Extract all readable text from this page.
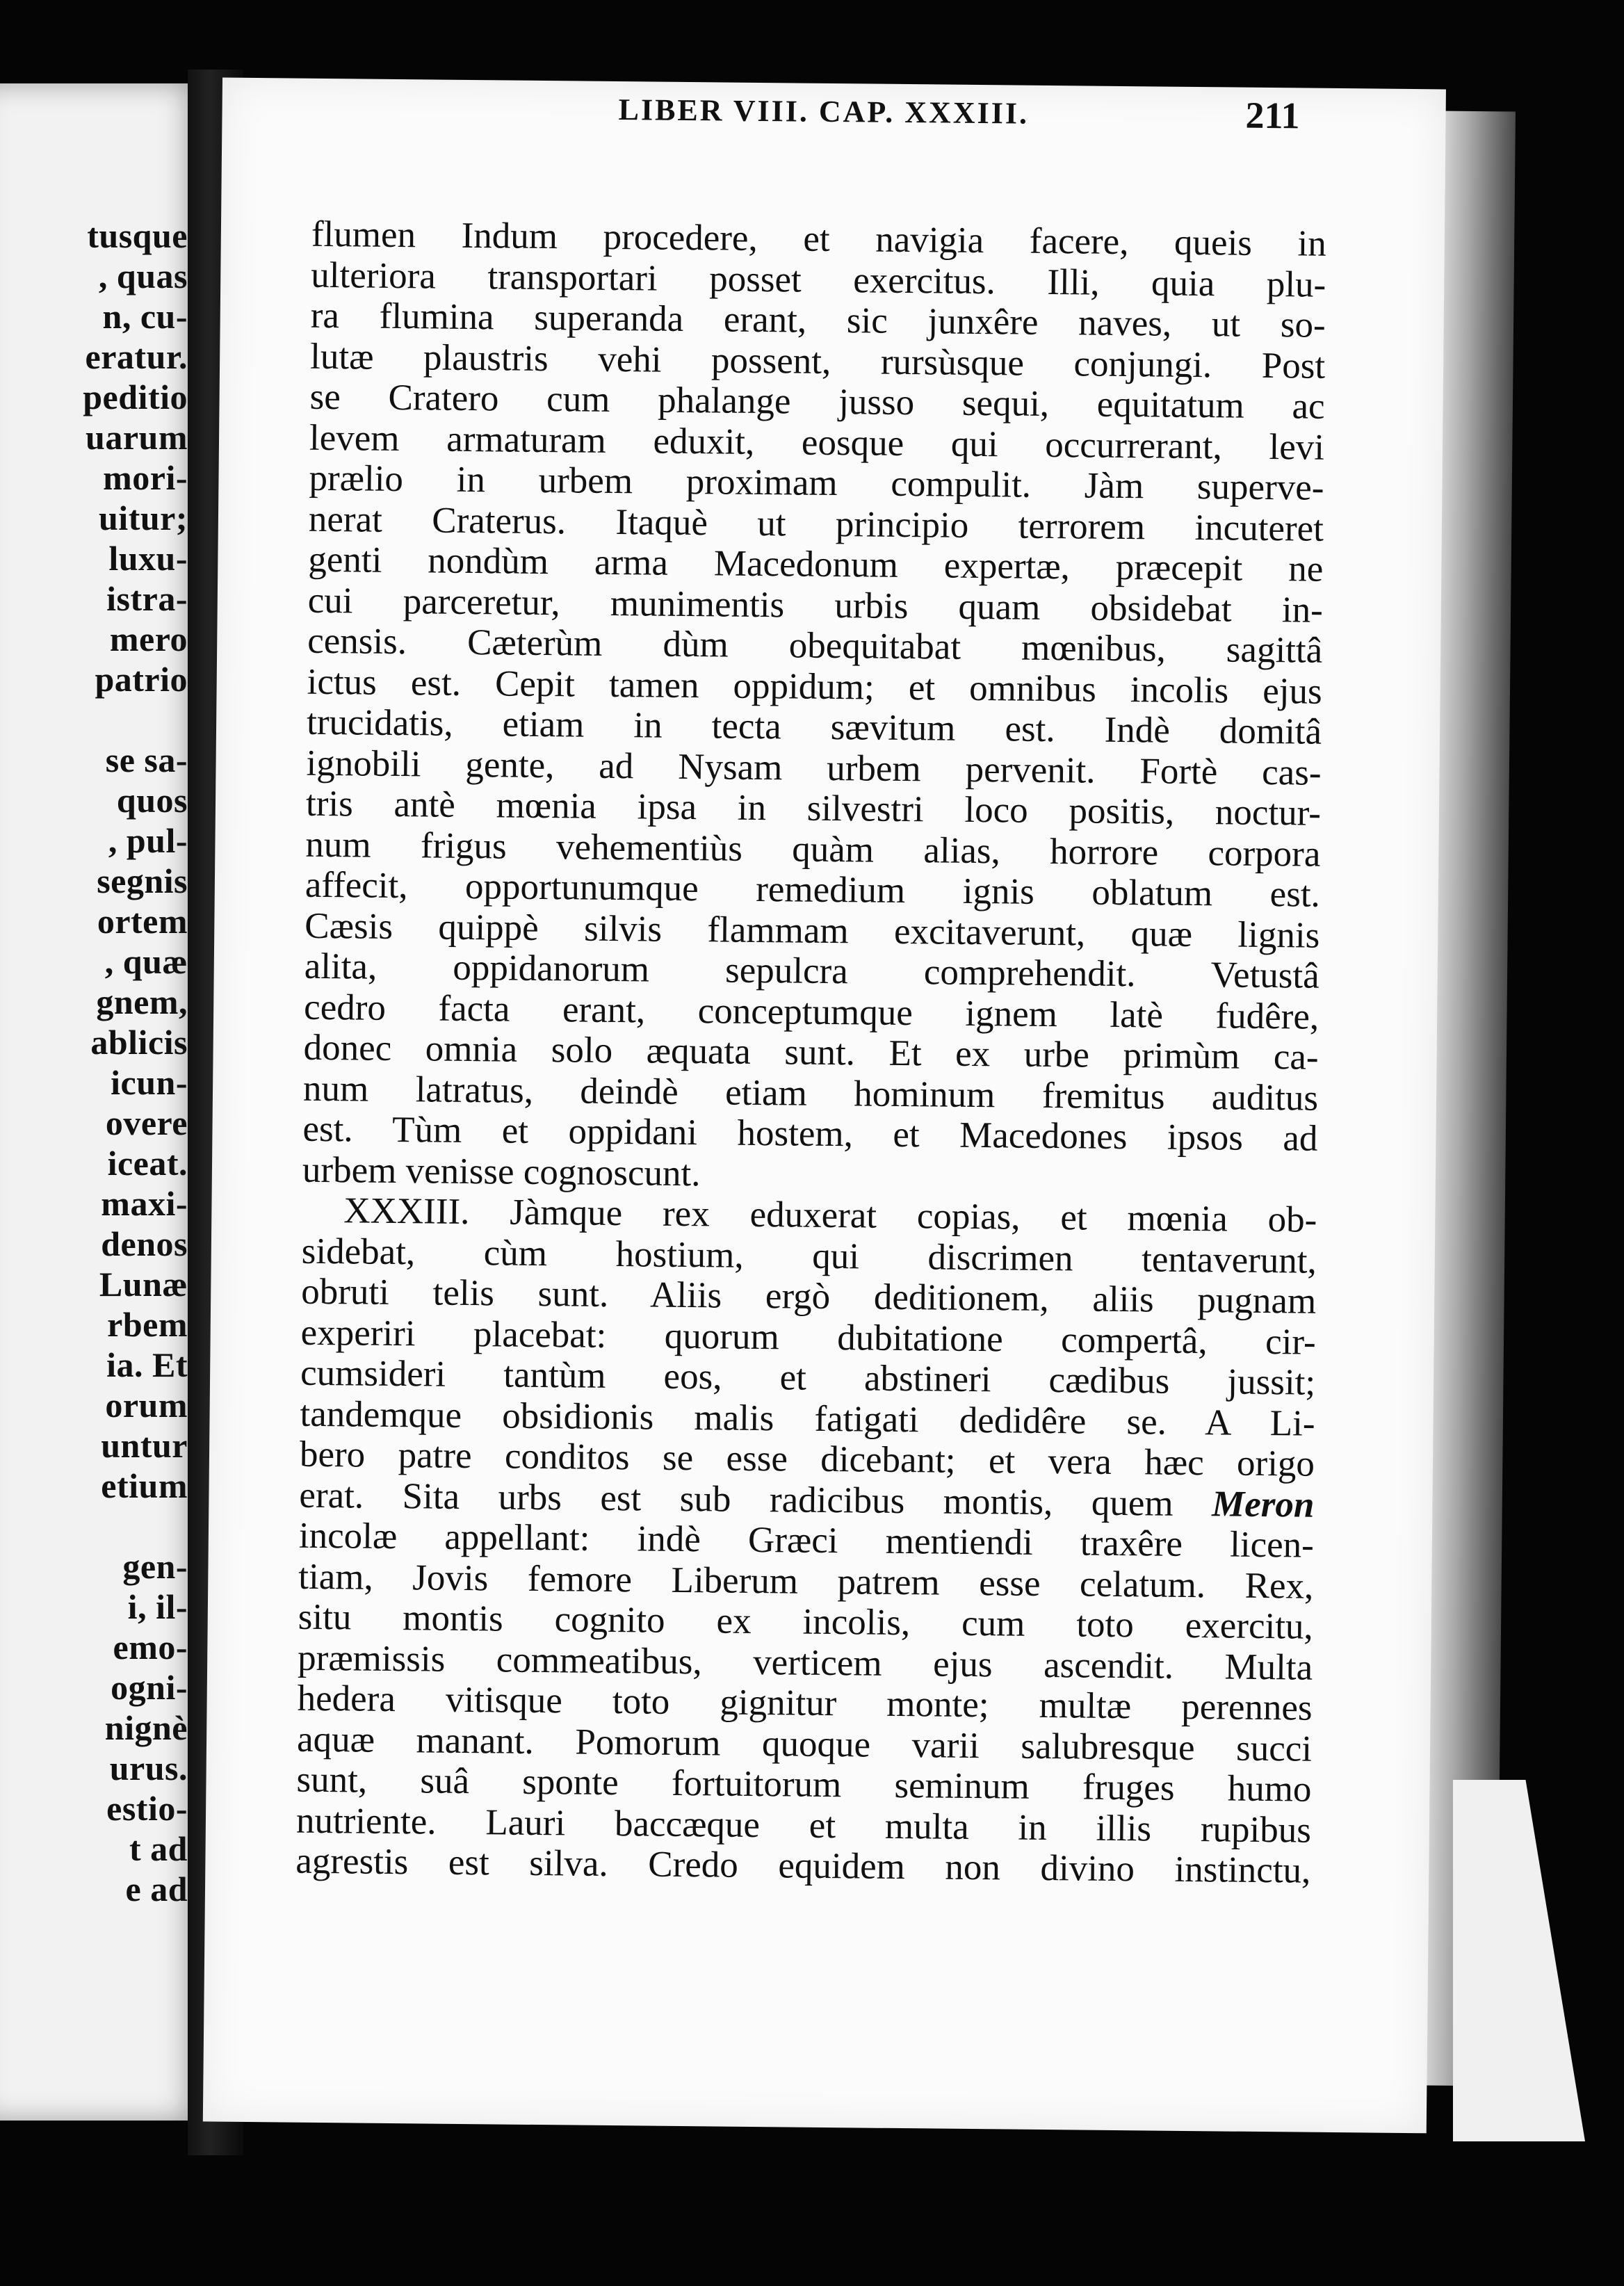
tusque
, quas
n, cu-
eratur.
peditio
uarum
mori-
uitur;
luxu-
istra-
mero
patrio
se sa-
quos
, pul-
segnis
ortem
, quæ
gnem,
ablicis
icun-
overe
iceat.
maxi-
denos
Lunæ
rbem
ia. Et
orum
untur
etium
gen-
i, il-
emo-
ogni-
nignè
urus.
estio-
t ad
e ad
LIBER VIII. CAP. XXXIII.	211
flumen Indum procedere, et navigia facere, queis in
ulteriora transportari posset exercitus. Illi, quia plu-
ra flumina superanda erant, sic junxêre naves, ut so-
lutæ plaustris vehi possent, rursùsque conjungi. Post
se Cratero cum phalange jusso sequi, equitatum ac
levem armaturam eduxit, eosque qui occurrerant, levi
prælio in urbem proximam compulit. Jàm superve-
nerat Craterus. Itaquè ut principio terrorem incuteret
genti nondùm arma Macedonum expertæ, præcepit ne
cui parceretur, munimentis urbis quam obsidebat in-
censis. Cæterùm dùm obequitabat mœnibus, sagittâ
ictus est. Cepit tamen oppidum; et omnibus incolis ejus
trucidatis, etiam in tecta sævitum est. Indè domitâ
ignobili gente, ad Nysam urbem pervenit. Fortè cas-
tris antè mœnia ipsa in silvestri loco positis, noctur-
num frigus vehementiùs quàm alias, horrore corpora
affecit, opportunumque remedium ignis oblatum est.
Cæsis quippè silvis flammam excitaverunt, quæ lignis
alita, oppidanorum sepulcra comprehendit. Vetustâ
cedro facta erant, conceptumque ignem latè fudêre,
donec omnia solo æquata sunt. Et ex urbe primùm ca-
num latratus, deindè etiam hominum fremitus auditus
est. Tùm et oppidani hostem, et Macedones ipsos ad
urbem venisse cognoscunt.
XXXIII. Jàmque rex eduxerat copias, et mœnia ob-
sidebat, cùm hostium, qui discrimen tentaverunt,
obruti telis sunt. Aliis ergò deditionem, aliis pugnam
experiri placebat: quorum dubitatione compertâ, cir-
cumsideri tantùm eos, et abstineri cædibus jussit;
tandemque obsidionis malis fatigati dedidêre se. A Li-
bero patre conditos se esse dicebant; et vera hæc origo
erat. Sita urbs est sub radicibus montis, quem Meron
incolæ appellant: indè Græci mentiendi traxêre licen-
tiam, Jovis femore Liberum patrem esse celatum. Rex,
situ montis cognito ex incolis, cum toto exercitu,
præmissis commeatibus, verticem ejus ascendit. Multa
hedera vitisque toto gignitur monte; multæ perennes
aquæ manant. Pomorum quoque varii salubresque succi
sunt, suâ sponte fortuitorum seminum fruges humo
nutriente. Lauri baccæque et multa in illis rupibus
agrestis est silva. Credo equidem non divino instinctu,
